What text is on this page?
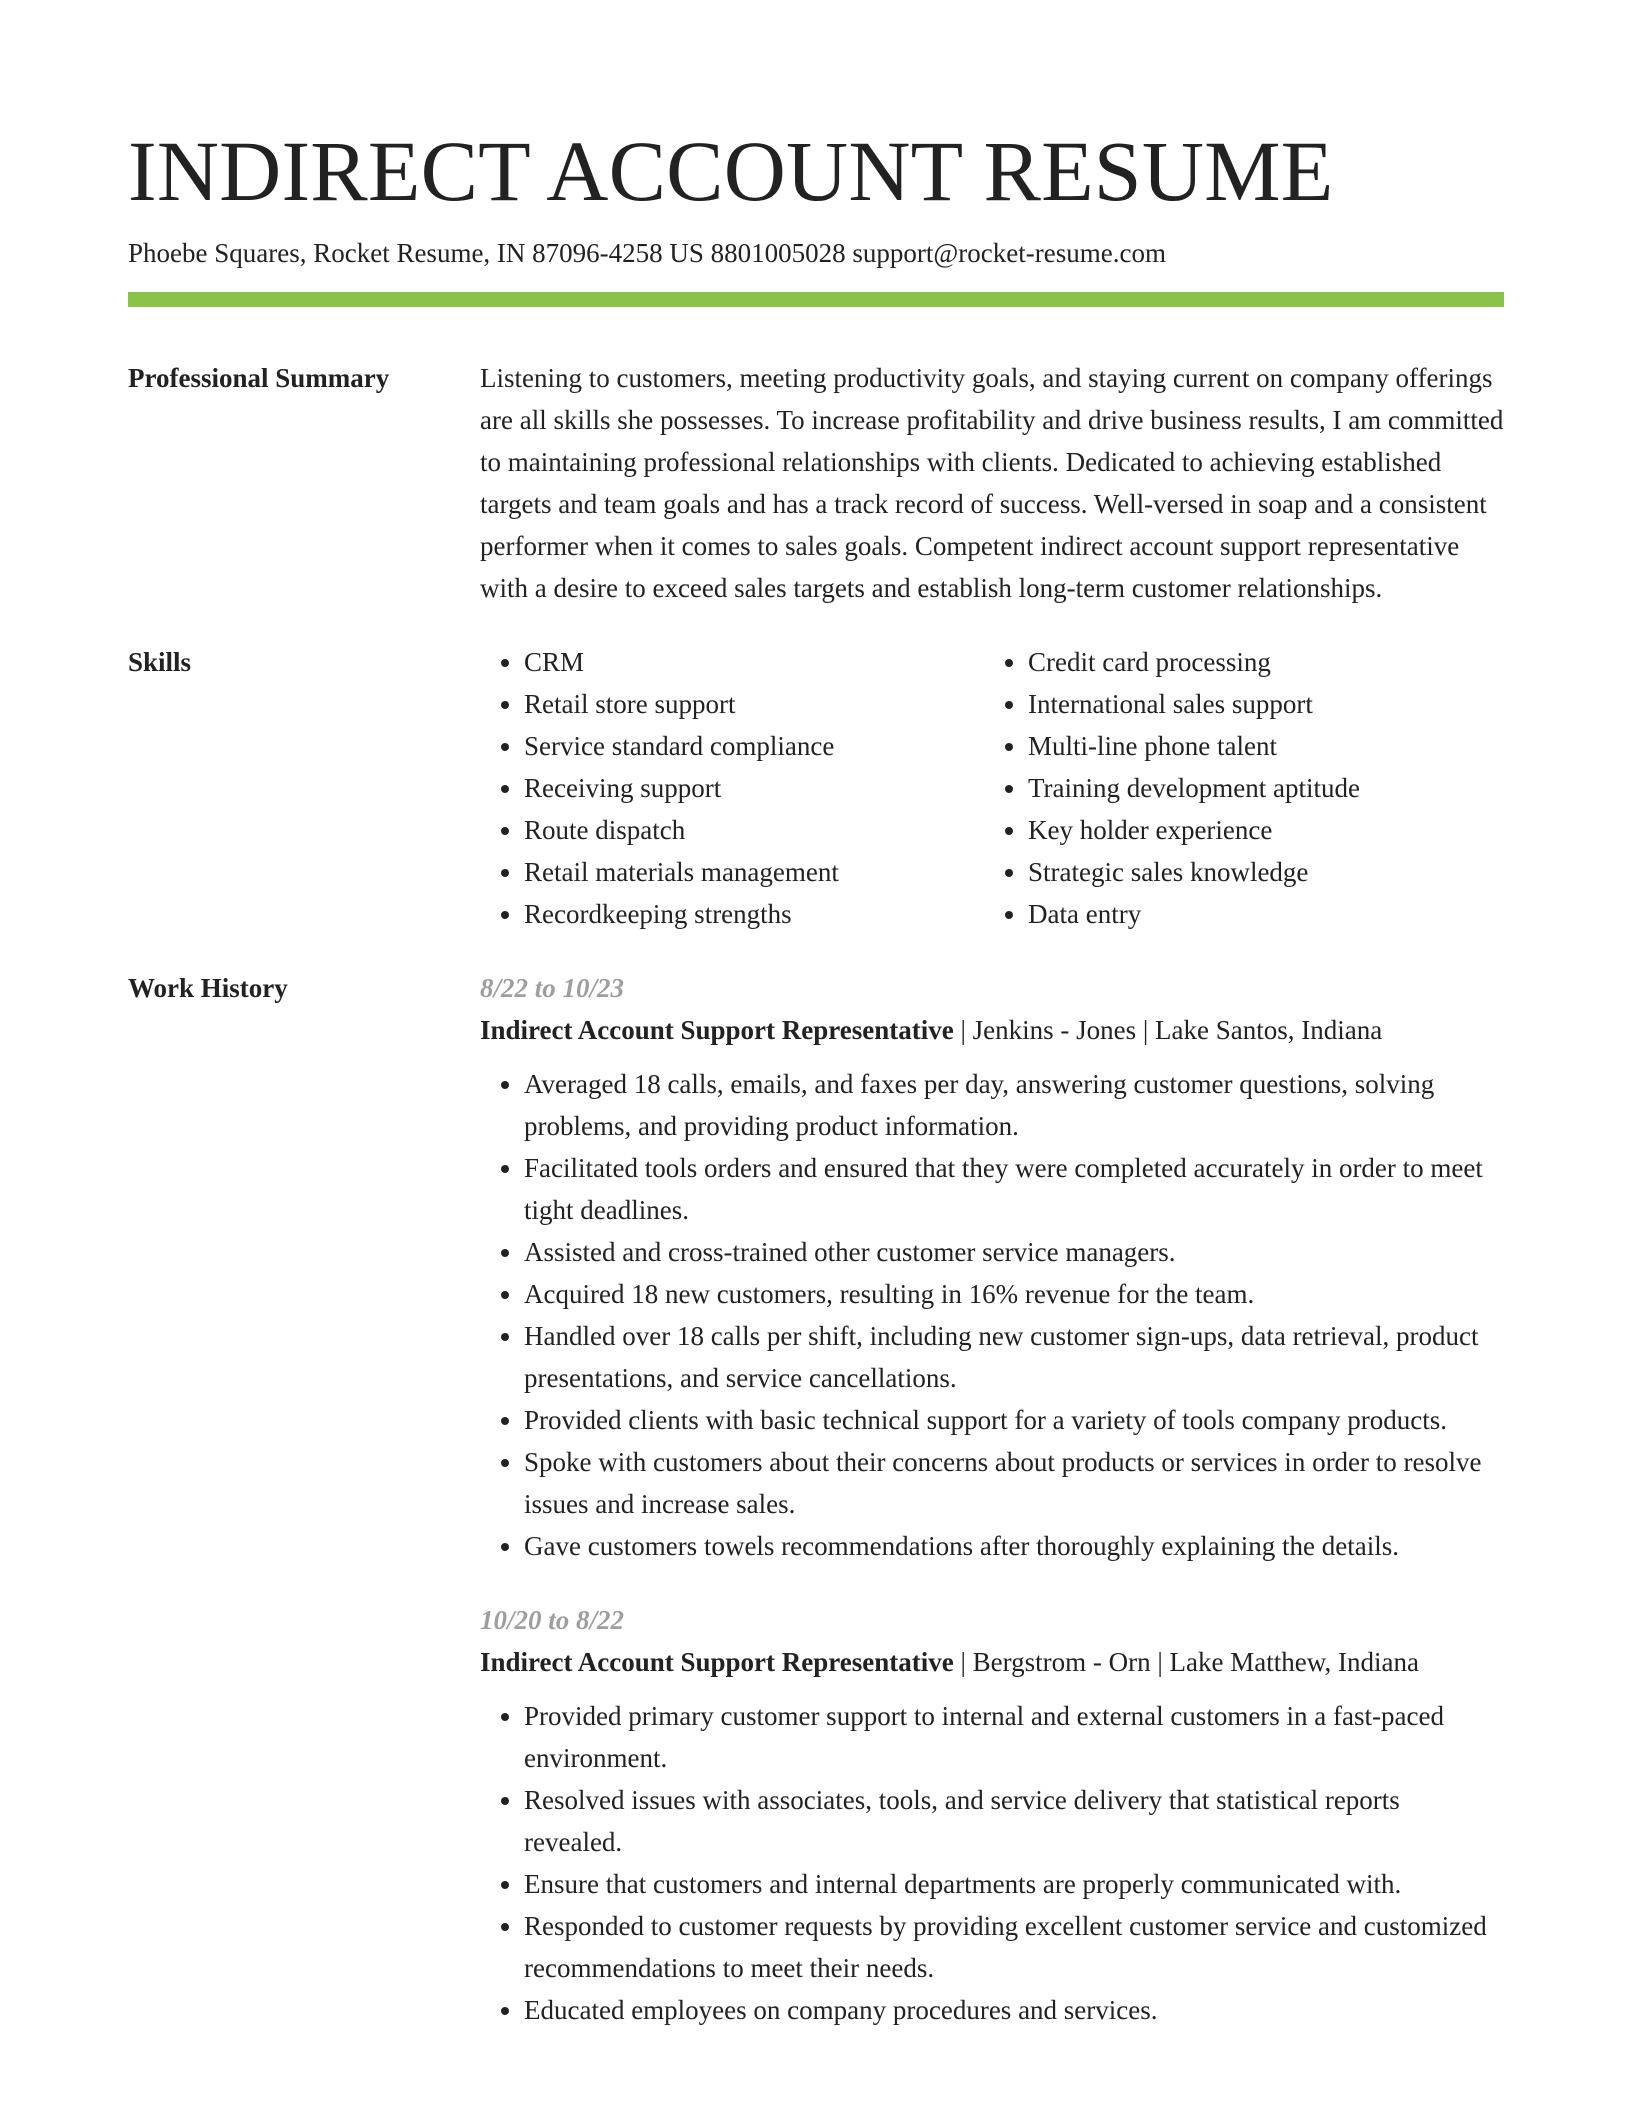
INDIRECT ACCOUNT RESUME
Phoebe Squares, Rocket Resume, IN 87096-4258 US 8801005028 support@rocket-resume.com
Professional Summary	Listening to customers, meeting productivity goals, and staying current on company offerings are all skills she possesses. To increase profitability and drive business results, I am committed to maintaining professional relationships with clients. Dedicated to achieving established targets and team goals and has a track record of success. Well-versed in soap and a consistent performer when it comes to sales goals. Competent indirect account support representative with a desire to exceed sales targets and establish long-term customer relationships.

Skills
•	CRM
• Retail store support
• Service standard compliance
• Receiving support
• Route dispatch
• Retail materials management
• Recordkeeping strengths
• Credit card processing
• International sales support
• Multi-line phone talent
• Training development aptitude
• Key holder experience
• Strategic sales knowledge
• Data entry
Work History	8/22 to 10/23
Indirect Account Support Representative | Jenkins - Jones | Lake Santos, Indiana
• Averaged 18 calls, emails, and faxes per day, answering customer questions, solving problems, and providing product information.
• Facilitated tools orders and ensured that they were completed accurately in order to meet tight deadlines.
• Assisted and cross-trained other customer service managers.
• Acquired 18 new customers, resulting in 16% revenue for the team.
• Handled over 18 calls per shift, including new customer sign-ups, data retrieval, product presentations, and service cancellations.
• Provided clients with basic technical support for a variety of tools company products.
• Spoke with customers about their concerns about products or services in order to resolve issues and increase sales.
• Gave customers towels recommendations after thoroughly explaining the details.
10/20 to 8/22
Indirect Account Support Representative | Bergstrom - Orn | Lake Matthew, Indiana
• Provided primary customer support to internal and external customers in a fast-paced environment.
• Resolved issues with associates, tools, and service delivery that statistical reports revealed.
• Ensure that customers and internal departments are properly communicated with.
• Responded to customer requests by providing excellent customer service and customized recommendations to meet their needs.
• Educated employees on company procedures and services.
